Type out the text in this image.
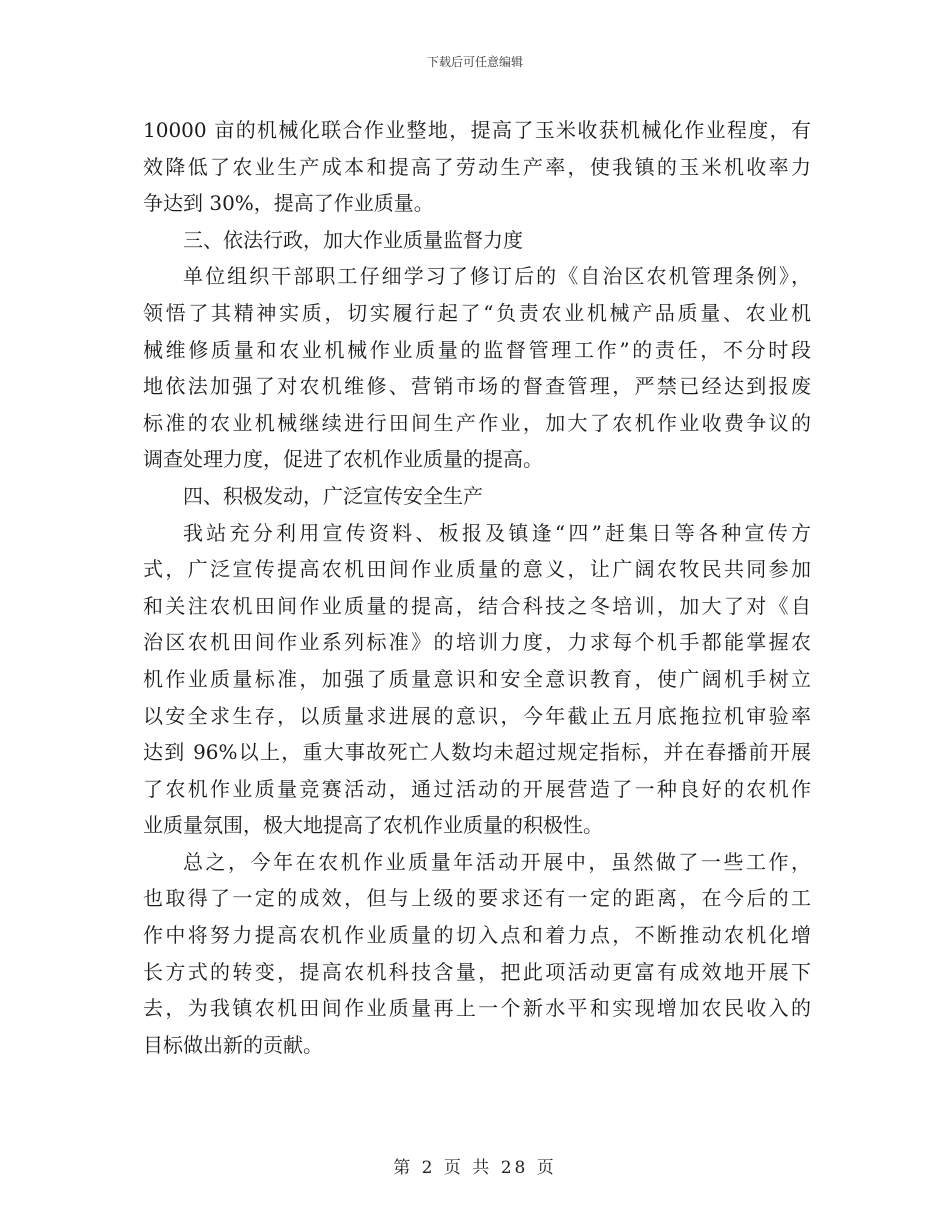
下载后可任意编辑
10000 亩的机械化联合作业整地，提高了玉米收获机械化作业程度，有
效降低了农业生产成本和提高了劳动生产率，使我镇的玉米机收率力
争达到 30%，提高了作业质量。
三、依法行政，加大作业质量监督力度
单位组织干部职工仔细学习了修订后的《自治区农机管理条例》，
领悟了其精神实质，切实履行起了“负责农业机械产品质量、农业机
械维修质量和农业机械作业质量的监督管理工作”的责任，不分时段
地依法加强了对农机维修、营销市场的督查管理，严禁已经达到报废
标准的农业机械继续进行田间生产作业，加大了农机作业收费争议的
调查处理力度，促进了农机作业质量的提高。
四、积极发动，广泛宣传安全生产
我站充分利用宣传资料、板报及镇逢“四”赶集日等各种宣传方
式，广泛宣传提高农机田间作业质量的意义，让广阔农牧民共同参加
和关注农机田间作业质量的提高，结合科技之冬培训，加大了对《自
治区农机田间作业系列标准》的培训力度，力求每个机手都能掌握农
机作业质量标准，加强了质量意识和安全意识教育，使广阔机手树立
以安全求生存，以质量求进展的意识，今年截止五月底拖拉机审验率
达到 96%以上，重大事故死亡人数均未超过规定指标，并在春播前开展
了农机作业质量竞赛活动，通过活动的开展营造了一种良好的农机作
业质量氛围，极大地提高了农机作业质量的积极性。
总之，今年在农机作业质量年活动开展中，虽然做了一些工作，
也取得了一定的成效，但与上级的要求还有一定的距离，在今后的工
作中将努力提高农机作业质量的切入点和着力点，不断推动农机化增
长方式的转变，提高农机科技含量，把此项活动更富有成效地开展下
去，为我镇农机田间作业质量再上一个新水平和实现增加农民收入的
目标做出新的贡献。
第 2 页 共 28 页
